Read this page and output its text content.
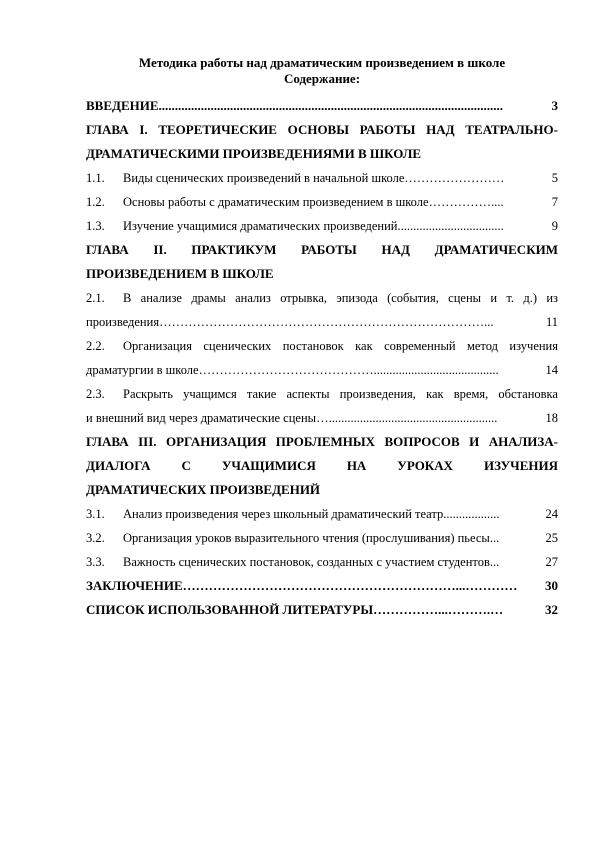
Методика работы над драматическим произведением в школе
Содержание:

ВВЕДЕНИЕ ..........................................................................................................	3
ГЛАВА I. ТЕОРЕТИЧЕСКИЕ ОСНОВЫ РАБОТЫ НАД ТЕАТРАЛЬНО-
ДРАМАТИЧЕСКИМИ ПРОИЗВЕДЕНИЯМИ В ШКОЛЕ
1.1.	Виды сценических произведений в начальной школе ……………………	5
1.2.	Основы работы с драматическим произведением в школе ……………....	7
1.3.	Изучение учащимися драматических произведений ..................................	9
ГЛАВА II. ПРАКТИКУМ РАБОТЫ НАД ДРАМАТИЧЕСКИМ
ПРОИЗВЕДЕНИЕМ В ШКОЛЕ
2.1.	В анализе драмы анализ отрывка, эпизода (события, сцены и т. д.) из
произведения ……………………………………………………………………...	11
2.2.	Организация сценических постановок как современный метод изучения
драматургии в школе ……………………………………........................................	14
2.3.	Раскрыть учащимся такие аспекты произведения, как время, обстановка
и внешний вид через драматические сцены …......................................................	18
ГЛАВА III. ОРГАНИЗАЦИЯ ПРОБЛЕМНЫХ ВОПРОСОВ И АНАЛИЗА-
ДИАЛОГА С УЧАЩИМИСЯ НА УРОКАХ ИЗУЧЕНИЯ
ДРАМАТИЧЕСКИХ ПРОИЗВЕДЕНИЙ
3.1.	Анализ произведения через школьный драматический театр ..................	24
3.2.	Организация уроков выразительного чтения (прослушивания) пьесы ...	25
3.3.	Важность сценических постановок, созданных с участием студентов ...	27
ЗАКЛЮЧЕНИЕ ………………………………………………………...…………	30
СПИСОК ИСПОЛЬЗОВАННОЙ ЛИТЕРАТУРЫ ……………...……….…	32
